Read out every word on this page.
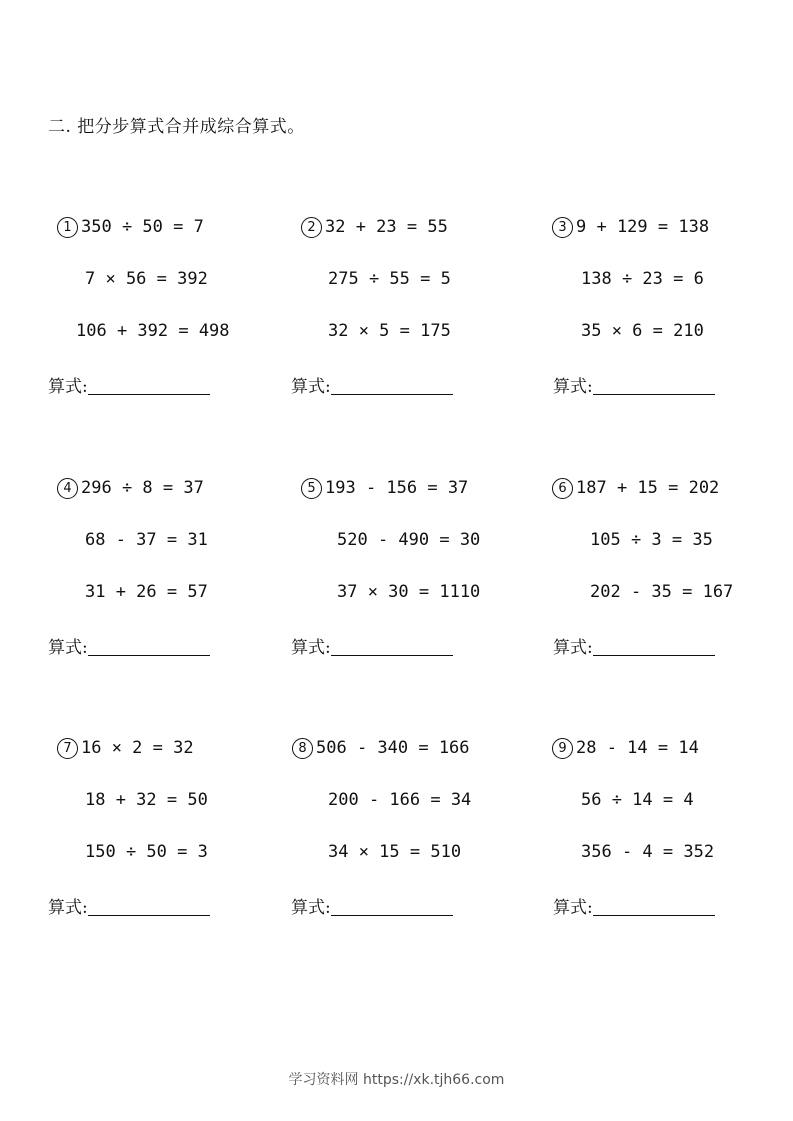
二. 把分步算式合并成综合算式。
1 350 ÷ 50 = 7
7 × 56 = 392
106 + 392 = 498
算式:
2 32 + 23 = 55
275 ÷ 55 = 5
32 × 5 = 175
算式:
3 9 + 129 = 138
138 ÷ 23 = 6
35 × 6 = 210
算式:
4 296 ÷ 8 = 37
68 - 37 = 31
31 + 26 = 57
算式:
5 193 - 156 = 37
520 - 490 = 30
37 × 30 = 1110
算式:
6 187 + 15 = 202
105 ÷ 3 = 35
202 - 35 = 167
算式:
7 16 × 2 = 32
18 + 32 = 50
150 ÷ 50 = 3
算式:
8 506 - 340 = 166
200 - 166 = 34
34 × 15 = 510
算式:
9 28 - 14 = 14
56 ÷ 14 = 4
356 - 4 = 352
算式:
学习资料网 https://xk.tjh66.com
